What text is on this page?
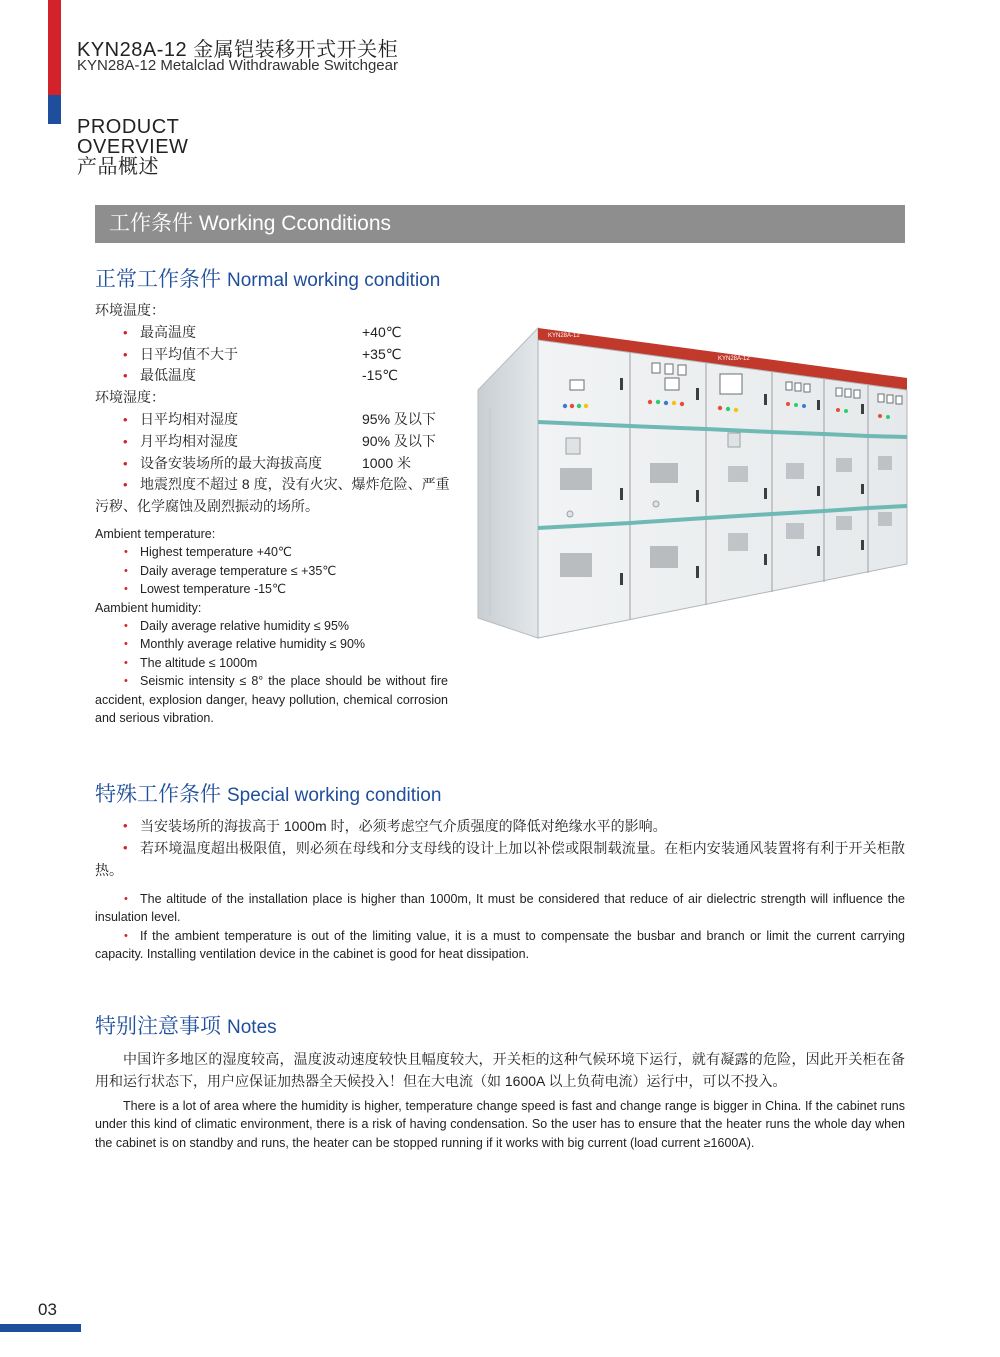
KYN28A-12 金属铠装移开式开关柜
KYN28A-12 Metalclad Withdrawable Switchgear
PRODUCT
OVERVIEW
产品概述
工作条件 Working Cconditions
正常工作条件 Normal working condition
环境温度：
• 最高温度	+40℃
• 日平均值不大于	+35℃
• 最低温度	-15℃
环境湿度：
• 日平均相对湿度	95% 及以下
• 月平均相对湿度	90% 及以下
• 设备安装场所的最大海拔高度	1000 米
• 地震烈度不超过 8 度，没有火灾、爆炸危险、严重污秽、化学腐蚀及剧烈振动的场所。
Ambient temperature:
• Highest temperature +40℃
• Daily average temperature ≤ +35℃
• Lowest temperature -15℃
Aambient humidity:
• Daily average relative humidity ≤ 95%
• Monthly average relative humidity ≤ 90%
• The altitude ≤ 1000m
• Seismic intensity ≤ 8° the place should be without fire accident, explosion danger, heavy pollution, chemical corrosion and serious vibration.
KYN28A-12
KYN28A-12
特殊工作条件 Special working condition
• 当安装场所的海拔高于 1000m 时，必须考虑空气介质强度的降低对绝缘水平的影响。
• 若环境温度超出极限值，则必须在母线和分支母线的设计上加以补偿或限制载流量。在柜内安装通风装置将有利于开关柜散热。
• The altitude of the installation place is higher than 1000m, It must be considered that reduce of air dielectric strength will influence the insulation level.
• If the ambient temperature is out of the limiting value, it is a must to compensate the busbar and branch or limit the current carrying capacity. Installing ventilation device in the cabinet is good for heat dissipation.
特别注意事项 Notes
中国许多地区的湿度较高，温度波动速度较快且幅度较大，开关柜的这种气候环境下运行，就有凝露的危险，因此开关柜在备用和运行状态下，用户应保证加热器全天候投入！但在大电流（如 1600A 以上负荷电流）运行中，可以不投入。
There is a lot of area where the humidity is higher, temperature change speed is fast and change range is bigger in China. If the cabinet runs under this kind of climatic environment, there is a risk of having condensation. So the user has to ensure that the heater runs the whole day when the cabinet is on standby and runs, the heater can be stopped running if it works with big current (load current ≥1600A).
03
